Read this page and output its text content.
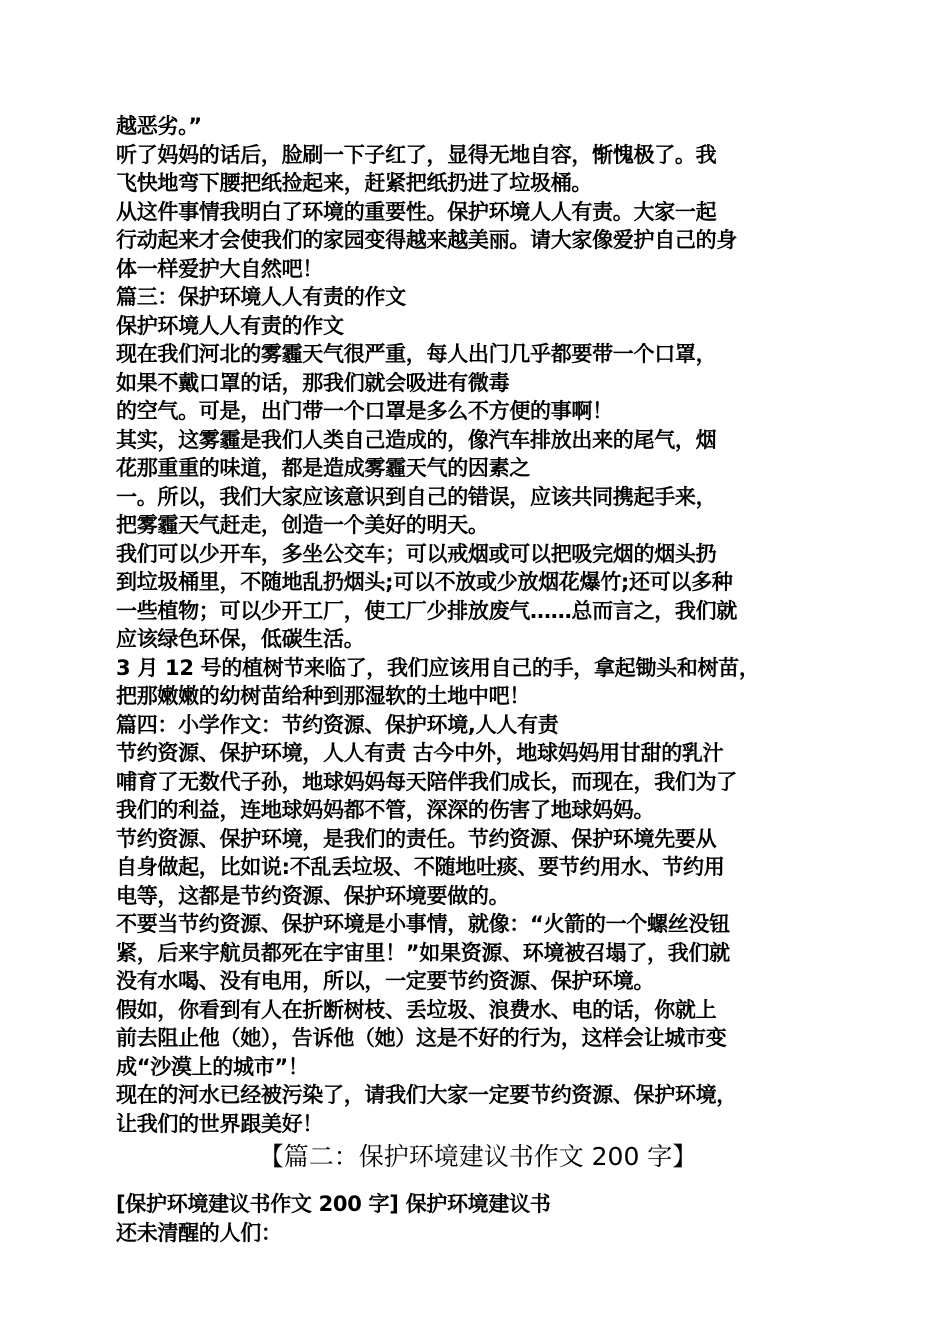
越恶劣。”
听了妈妈的话后，脸刷一下子红了，显得无地自容，惭愧极了。我
飞快地弯下腰把纸捡起来，赶紧把纸扔进了垃圾桶。
从这件事情我明白了环境的重要性。保护环境人人有责。大家一起
行动起来才会使我们的家园变得越来越美丽。请大家像爱护自己的身
体一样爱护大自然吧！
篇三：保护环境人人有责的作文
保护环境人人有责的作文
现在我们河北的雾霾天气很严重，每人出门几乎都要带一个口罩，
如果不戴口罩的话，那我们就会吸进有微毒
的空气。可是，出门带一个口罩是多么不方便的事啊！
其实，这雾霾是我们人类自己造成的，像汽车排放出来的尾气，烟
花那重重的味道，都是造成雾霾天气的因素之
一。所以，我们大家应该意识到自己的错误，应该共同携起手来，
把雾霾天气赶走，创造一个美好的明天。
我们可以少开车，多坐公交车；可以戒烟或可以把吸完烟的烟头扔
到垃圾桶里，不随地乱扔烟头;可以不放或少放烟花爆竹;还可以多种
一些植物；可以少开工厂，使工厂少排放废气……总而言之，我们就
应该绿色环保，低碳生活。
3 月 12 号的植树节来临了，我们应该用自己的手，拿起锄头和树苗，
把那嫩嫩的幼树苗给种到那湿软的土地中吧！
篇四：小学作文：节约资源、保护环境,人人有责
节约资源、保护环境，人人有责 古今中外，地球妈妈用甘甜的乳汁
哺育了无数代子孙，地球妈妈每天陪伴我们成长，而现在，我们为了
我们的利益，连地球妈妈都不管，深深的伤害了地球妈妈。
节约资源、保护环境，是我们的责任。节约资源、保护环境先要从
自身做起，比如说:不乱丢垃圾、不随地吐痰、要节约用水、节约用
电等，这都是节约资源、保护环境要做的。
不要当节约资源、保护环境是小事情，就像：“火箭的一个螺丝没钮
紧，后来宇航员都死在宇宙里！”如果资源、环境被召塌了，我们就
没有水喝、没有电用，所以，一定要节约资源、保护环境。
假如，你看到有人在折断树枝、丢垃圾、浪费水、电的话，你就上
前去阻止他（她），告诉他（她）这是不好的行为，这样会让城市变
成“沙漠上的城市”！
现在的河水已经被污染了，请我们大家一定要节约资源、保护环境，
让我们的世界跟美好！
【篇二：保护环境建议书作文 200 字】
[保护环境建议书作文 200 字] 保护环境建议书
还未清醒的人们：
